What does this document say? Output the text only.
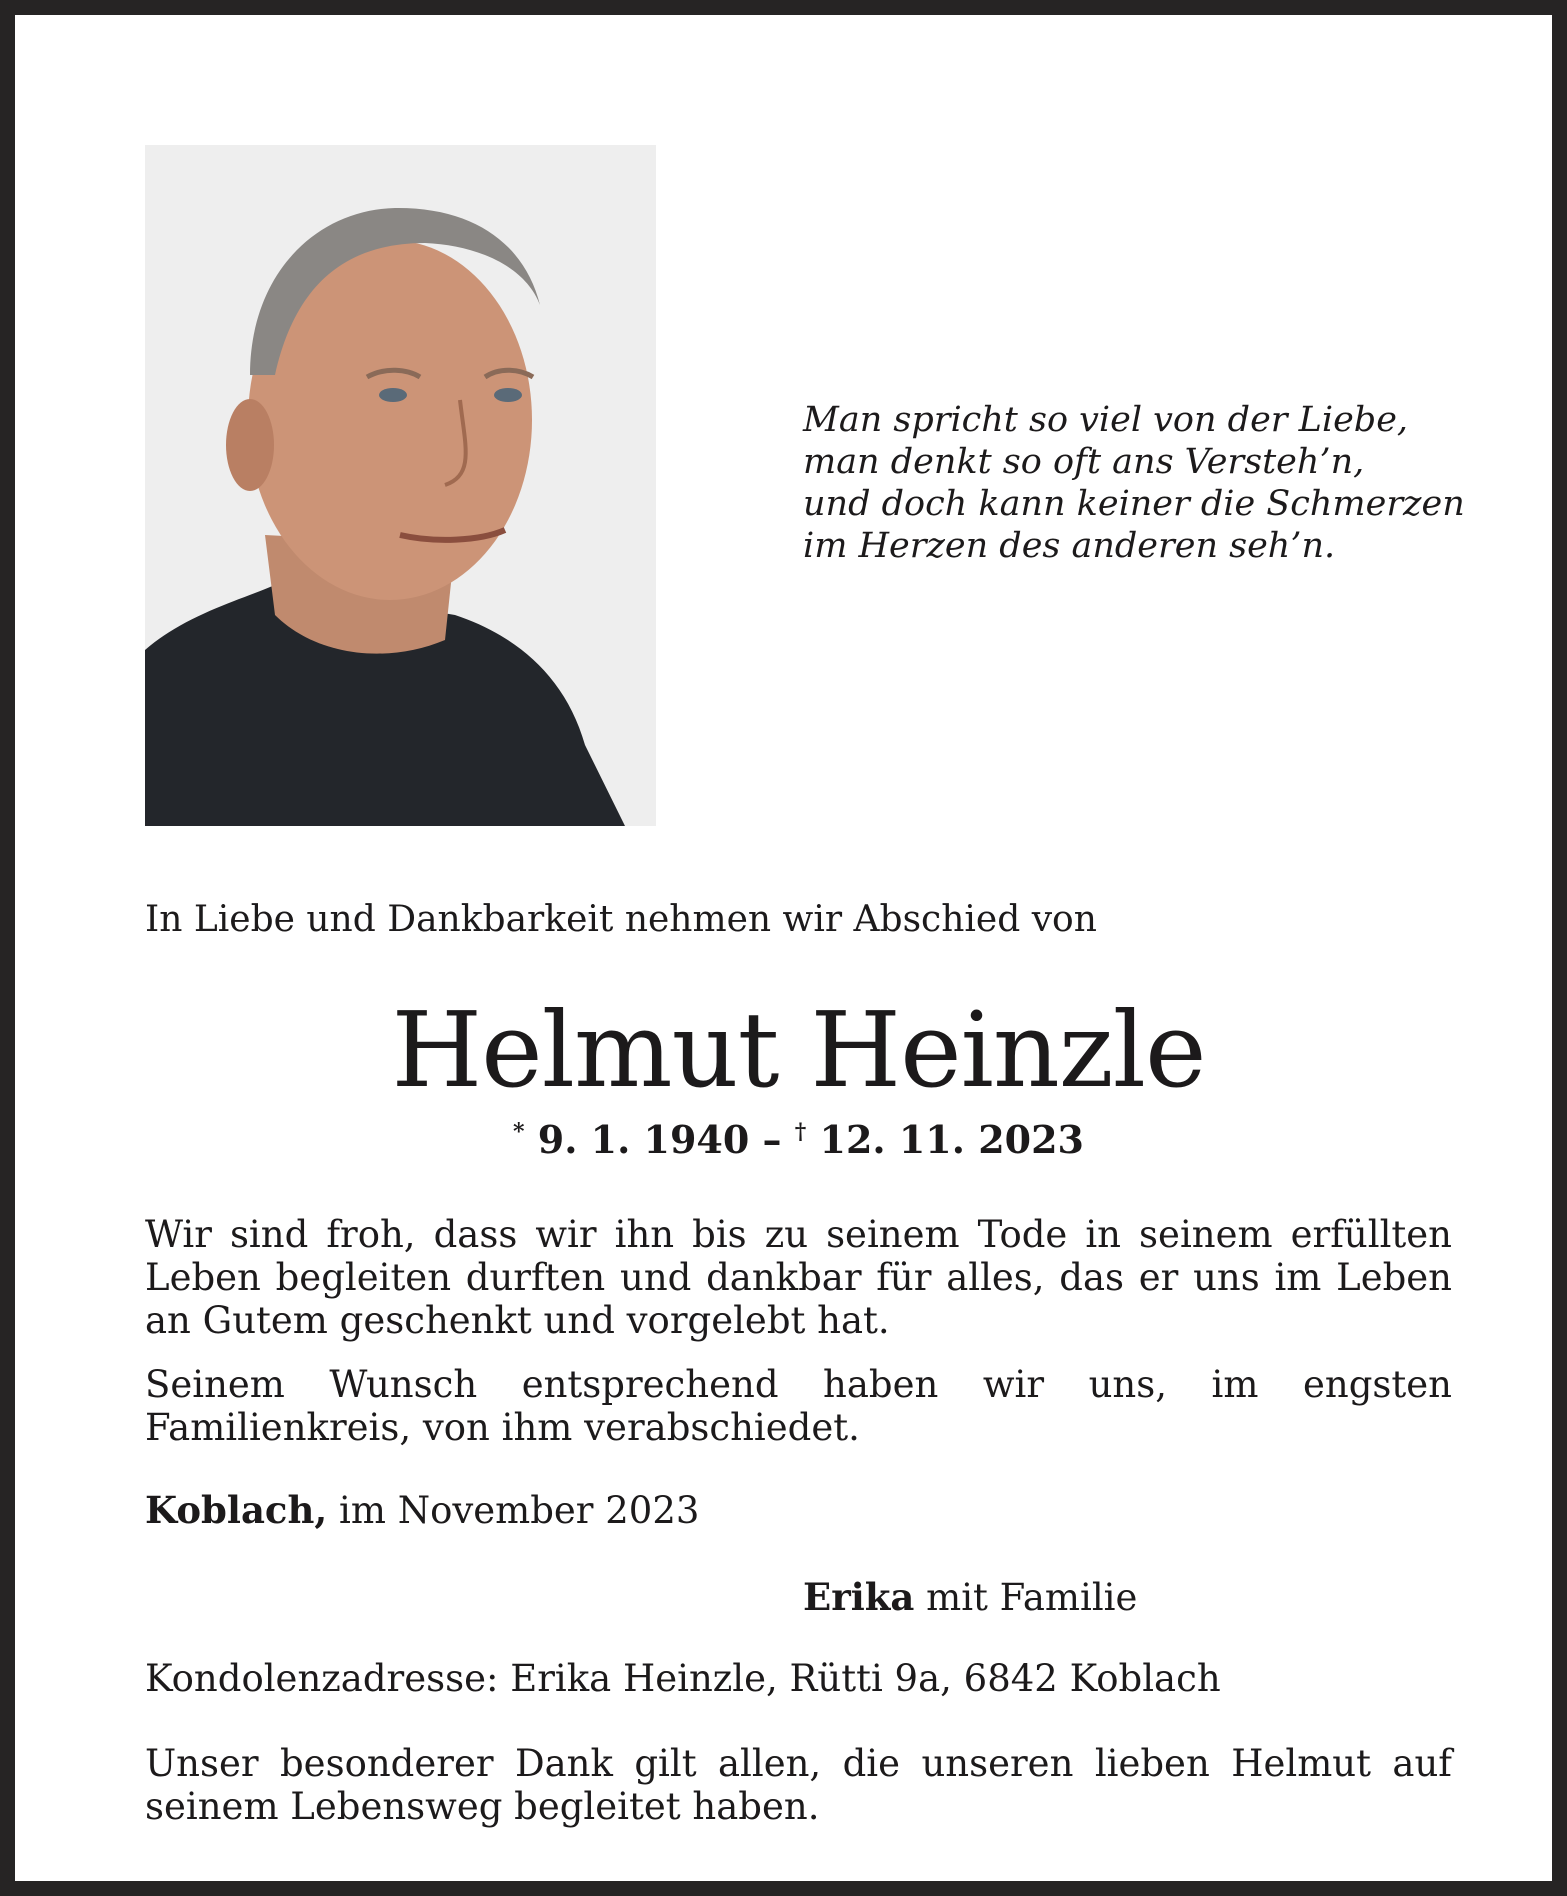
Man spricht so viel von der Liebe,
man denkt so oft ans Versteh’n,
und doch kann keiner die Schmerzen
im Herzen des anderen seh’n.
In Liebe und Dankbarkeit nehmen wir Abschied von
Helmut Heinzle
* 9. 1. 1940 – † 12. 11. 2023
Wir sind froh, dass wir ihn bis zu seinem Tode in seinem erfüllten Leben begleiten durften und dankbar für alles, das er uns im Leben an Gutem geschenkt und vorgelebt hat.
Seinem Wunsch entsprechend haben wir uns, im engsten Familienkreis, von ihm verabschiedet.
Koblach, im November 2023
Erika mit Familie
Kondolenzadresse: Erika Heinzle, Rütti 9a, 6842 Koblach
Unser besonderer Dank gilt allen, die unseren lieben Helmut auf seinem Lebensweg begleitet haben.
